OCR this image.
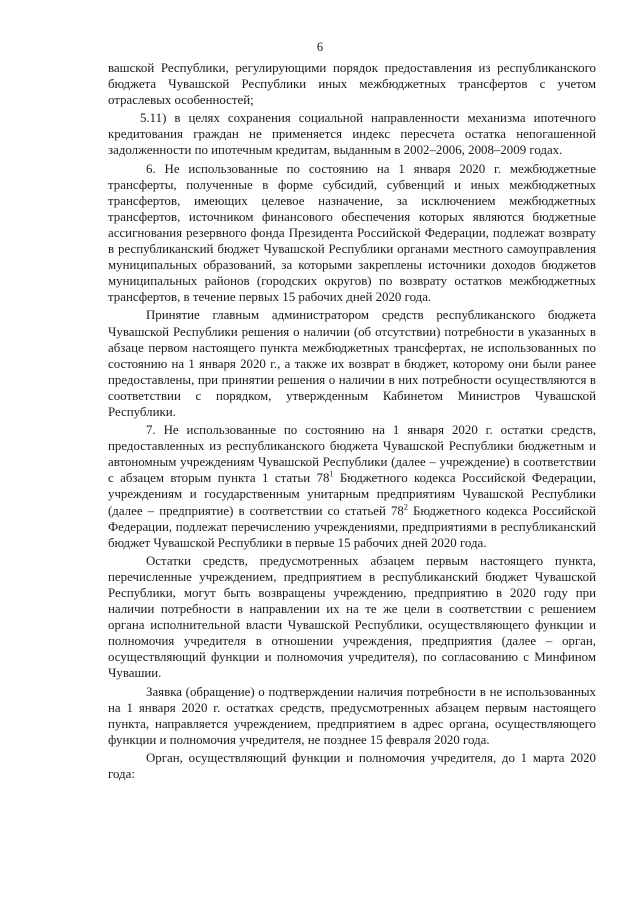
6

вашской Республики, регулирующими порядок предоставления из республиканского бюджета Чувашской Республики иных межбюджетных трансфертов с учетом отраслевых особенностей;

5.11) в целях сохранения социальной направленности механизма ипотечного кредитования граждан не применяется индекс пересчета остатка непогашенной задолженности по ипотечным кредитам, выданным в 2002–2006, 2008–2009 годах.

6. Не использованные по состоянию на 1 января 2020 г. межбюджетные трансферты, полученные в форме субсидий, субвенций и иных межбюджетных трансфертов, имеющих целевое назначение, за исключением межбюджетных трансфертов, источником финансового обеспечения которых являются бюджетные ассигнования резервного фонда Президента Российской Федерации, подлежат возврату в республиканский бюджет Чувашской Республики органами местного самоуправления муниципальных образований, за которыми закреплены источники доходов бюджетов муниципальных районов (городских округов) по возврату остатков межбюджетных трансфертов, в течение первых 15 рабочих дней 2020 года.

Принятие главным администратором средств республиканского бюджета Чувашской Республики решения о наличии (об отсутствии) потребности в указанных в абзаце первом настоящего пункта межбюджетных трансфертах, не использованных по состоянию на 1 января 2020 г., а также их возврат в бюджет, которому они были ранее предоставлены, при принятии решения о наличии в них потребности осуществляются в соответствии с порядком, утвержденным Кабинетом Министров Чувашской Республики.

7. Не использованные по состоянию на 1 января 2020 г. остатки средств, предоставленных из республиканского бюджета Чувашской Республики бюджетным и автономным учреждениям Чувашской Республики (далее – учреждение) в соответствии с абзацем вторым пункта 1 статьи $78^1$ Бюджетного кодекса Российской Федерации, учреждениям и государственным унитарным предприятиям Чувашской Республики (далее – предприятие) в соответствии со статьей $78^2$ Бюджетного кодекса Российской Федерации, подлежат перечислению учреждениями, предприятиями в республиканский бюджет Чувашской Республики в первые 15 рабочих дней 2020 года.

Остатки средств, предусмотренных абзацем первым настоящего пункта, перечисленные учреждением, предприятием в республиканский бюджет Чувашской Республики, могут быть возвращены учреждению, предприятию в 2020 году при наличии потребности в направлении их на те же цели в соответствии с решением органа исполнительной власти Чувашской Республики, осуществляющего функции и полномочия учредителя в отношении учреждения, предприятия (далее – орган, осуществляющий функции и полномочия учредителя), по согласованию с Минфином Чувашии.

Заявка (обращение) о подтверждении наличия потребности в не использованных на 1 января 2020 г. остатках средств, предусмотренных абзацем первым настоящего пункта, направляется учреждением, предприятием в адрес органа, осуществляющего функции и полномочия учредителя, не позднее 15 февраля 2020 года.

Орган, осуществляющий функции и полномочия учредителя, до 1 марта 2020 года:
